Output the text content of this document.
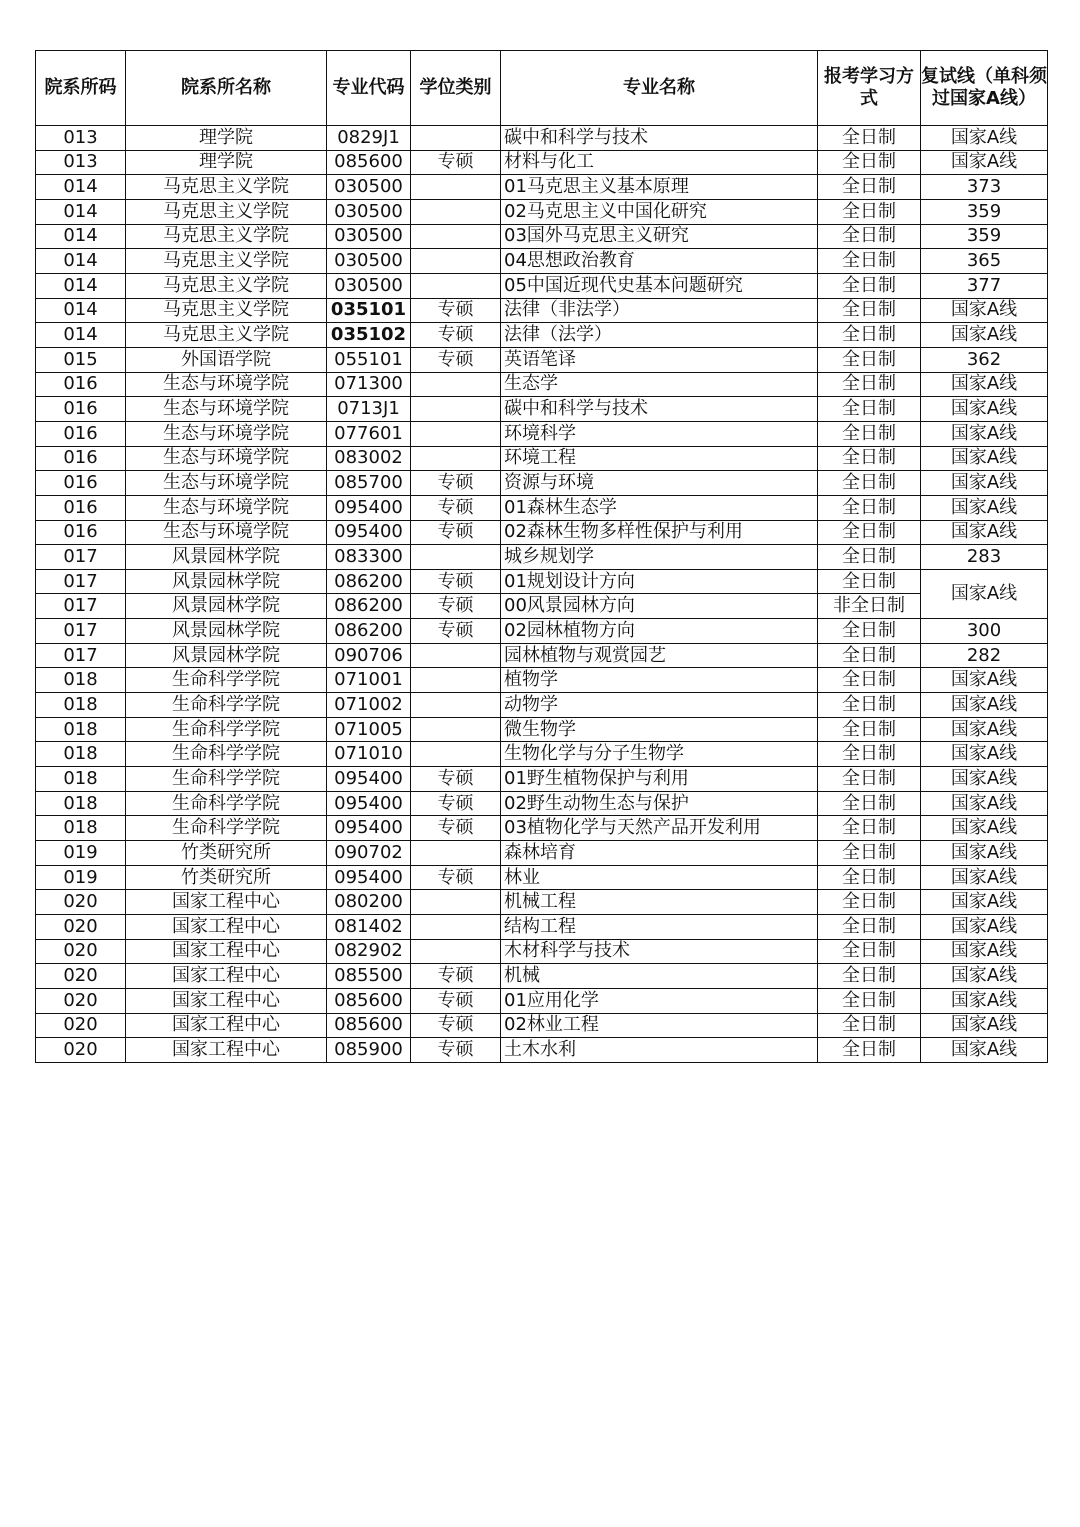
院系所码	院系所名称	专业代码	学位类别	专业名称	报考学习方式	复试线（单科须过国家A线）
013	理学院	0829J1		碳中和科学与技术	全日制	国家A线
013	理学院	085600	专硕	材料与化工	全日制	国家A线
014	马克思主义学院	030500		01马克思主义基本原理	全日制	373
014	马克思主义学院	030500		02马克思主义中国化研究	全日制	359
014	马克思主义学院	030500		03国外马克思主义研究	全日制	359
014	马克思主义学院	030500		04思想政治教育	全日制	365
014	马克思主义学院	030500		05中国近现代史基本问题研究	全日制	377
014	马克思主义学院	035101	专硕	法律（非法学）	全日制	国家A线
014	马克思主义学院	035102	专硕	法律（法学）	全日制	国家A线
015	外国语学院	055101	专硕	英语笔译	全日制	362
016	生态与环境学院	071300		生态学	全日制	国家A线
016	生态与环境学院	0713J1		碳中和科学与技术	全日制	国家A线
016	生态与环境学院	077601		环境科学	全日制	国家A线
016	生态与环境学院	083002		环境工程	全日制	国家A线
016	生态与环境学院	085700	专硕	资源与环境	全日制	国家A线
016	生态与环境学院	095400	专硕	01森林生态学	全日制	国家A线
016	生态与环境学院	095400	专硕	02森林生物多样性保护与利用	全日制	国家A线
017	风景园林学院	083300		城乡规划学	全日制	283
017	风景园林学院	086200	专硕	01规划设计方向	全日制	国家A线
017	风景园林学院	086200	专硕	00风景园林方向	非全日制	
017	风景园林学院	086200	专硕	02园林植物方向	全日制	300
017	风景园林学院	090706		园林植物与观赏园艺	全日制	282
018	生命科学学院	071001		植物学	全日制	国家A线
018	生命科学学院	071002		动物学	全日制	国家A线
018	生命科学学院	071005		微生物学	全日制	国家A线
018	生命科学学院	071010		生物化学与分子生物学	全日制	国家A线
018	生命科学学院	095400	专硕	01野生植物保护与利用	全日制	国家A线
018	生命科学学院	095400	专硕	02野生动物生态与保护	全日制	国家A线
018	生命科学学院	095400	专硕	03植物化学与天然产品开发利用	全日制	国家A线
019	竹类研究所	090702		森林培育	全日制	国家A线
019	竹类研究所	095400	专硕	林业	全日制	国家A线
020	国家工程中心	080200		机械工程	全日制	国家A线
020	国家工程中心	081402		结构工程	全日制	国家A线
020	国家工程中心	082902		木材科学与技术	全日制	国家A线
020	国家工程中心	085500	专硕	机械	全日制	国家A线
020	国家工程中心	085600	专硕	01应用化学	全日制	国家A线
020	国家工程中心	085600	专硕	02林业工程	全日制	国家A线
020	国家工程中心	085900	专硕	土木水利	全日制	国家A线
